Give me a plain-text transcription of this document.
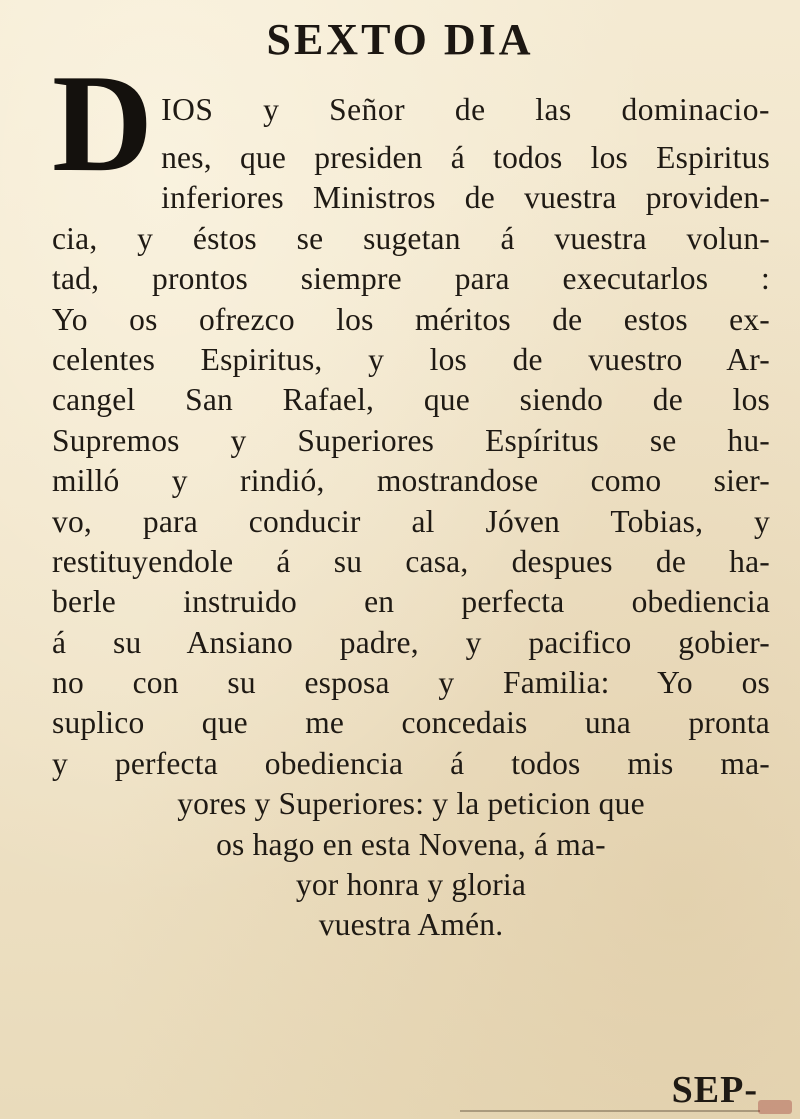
SEXTO DIA
D IOS y Señor de las dominacio-
nes, que presiden á todos los Espiritus
inferiores Ministros de vuestra providen-
cia, y éstos se sugetan á vuestra volun-
tad, prontos siempre para executarlos :
Yo os ofrezco los méritos de estos ex-
celentes Espiritus, y los de vuestro Ar-
cangel San Rafael, que siendo de los
Supremos y Superiores Espíritus se hu-
milló y rindió, mostrandose como sier-
vo, para conducir al Jóven Tobias, y
restituyendole á su casa, despues de ha-
berle instruido en perfecta obediencia
á su Ansiano padre, y pacifico gobier-
no con su esposa y Familia: Yo os
suplico que me concedais una pronta
y perfecta obediencia á todos mis ma-
yores y Superiores: y la peticion que
os hago en esta Novena, á ma-
yor honra y gloria
vuestra Amén.
SEP-
